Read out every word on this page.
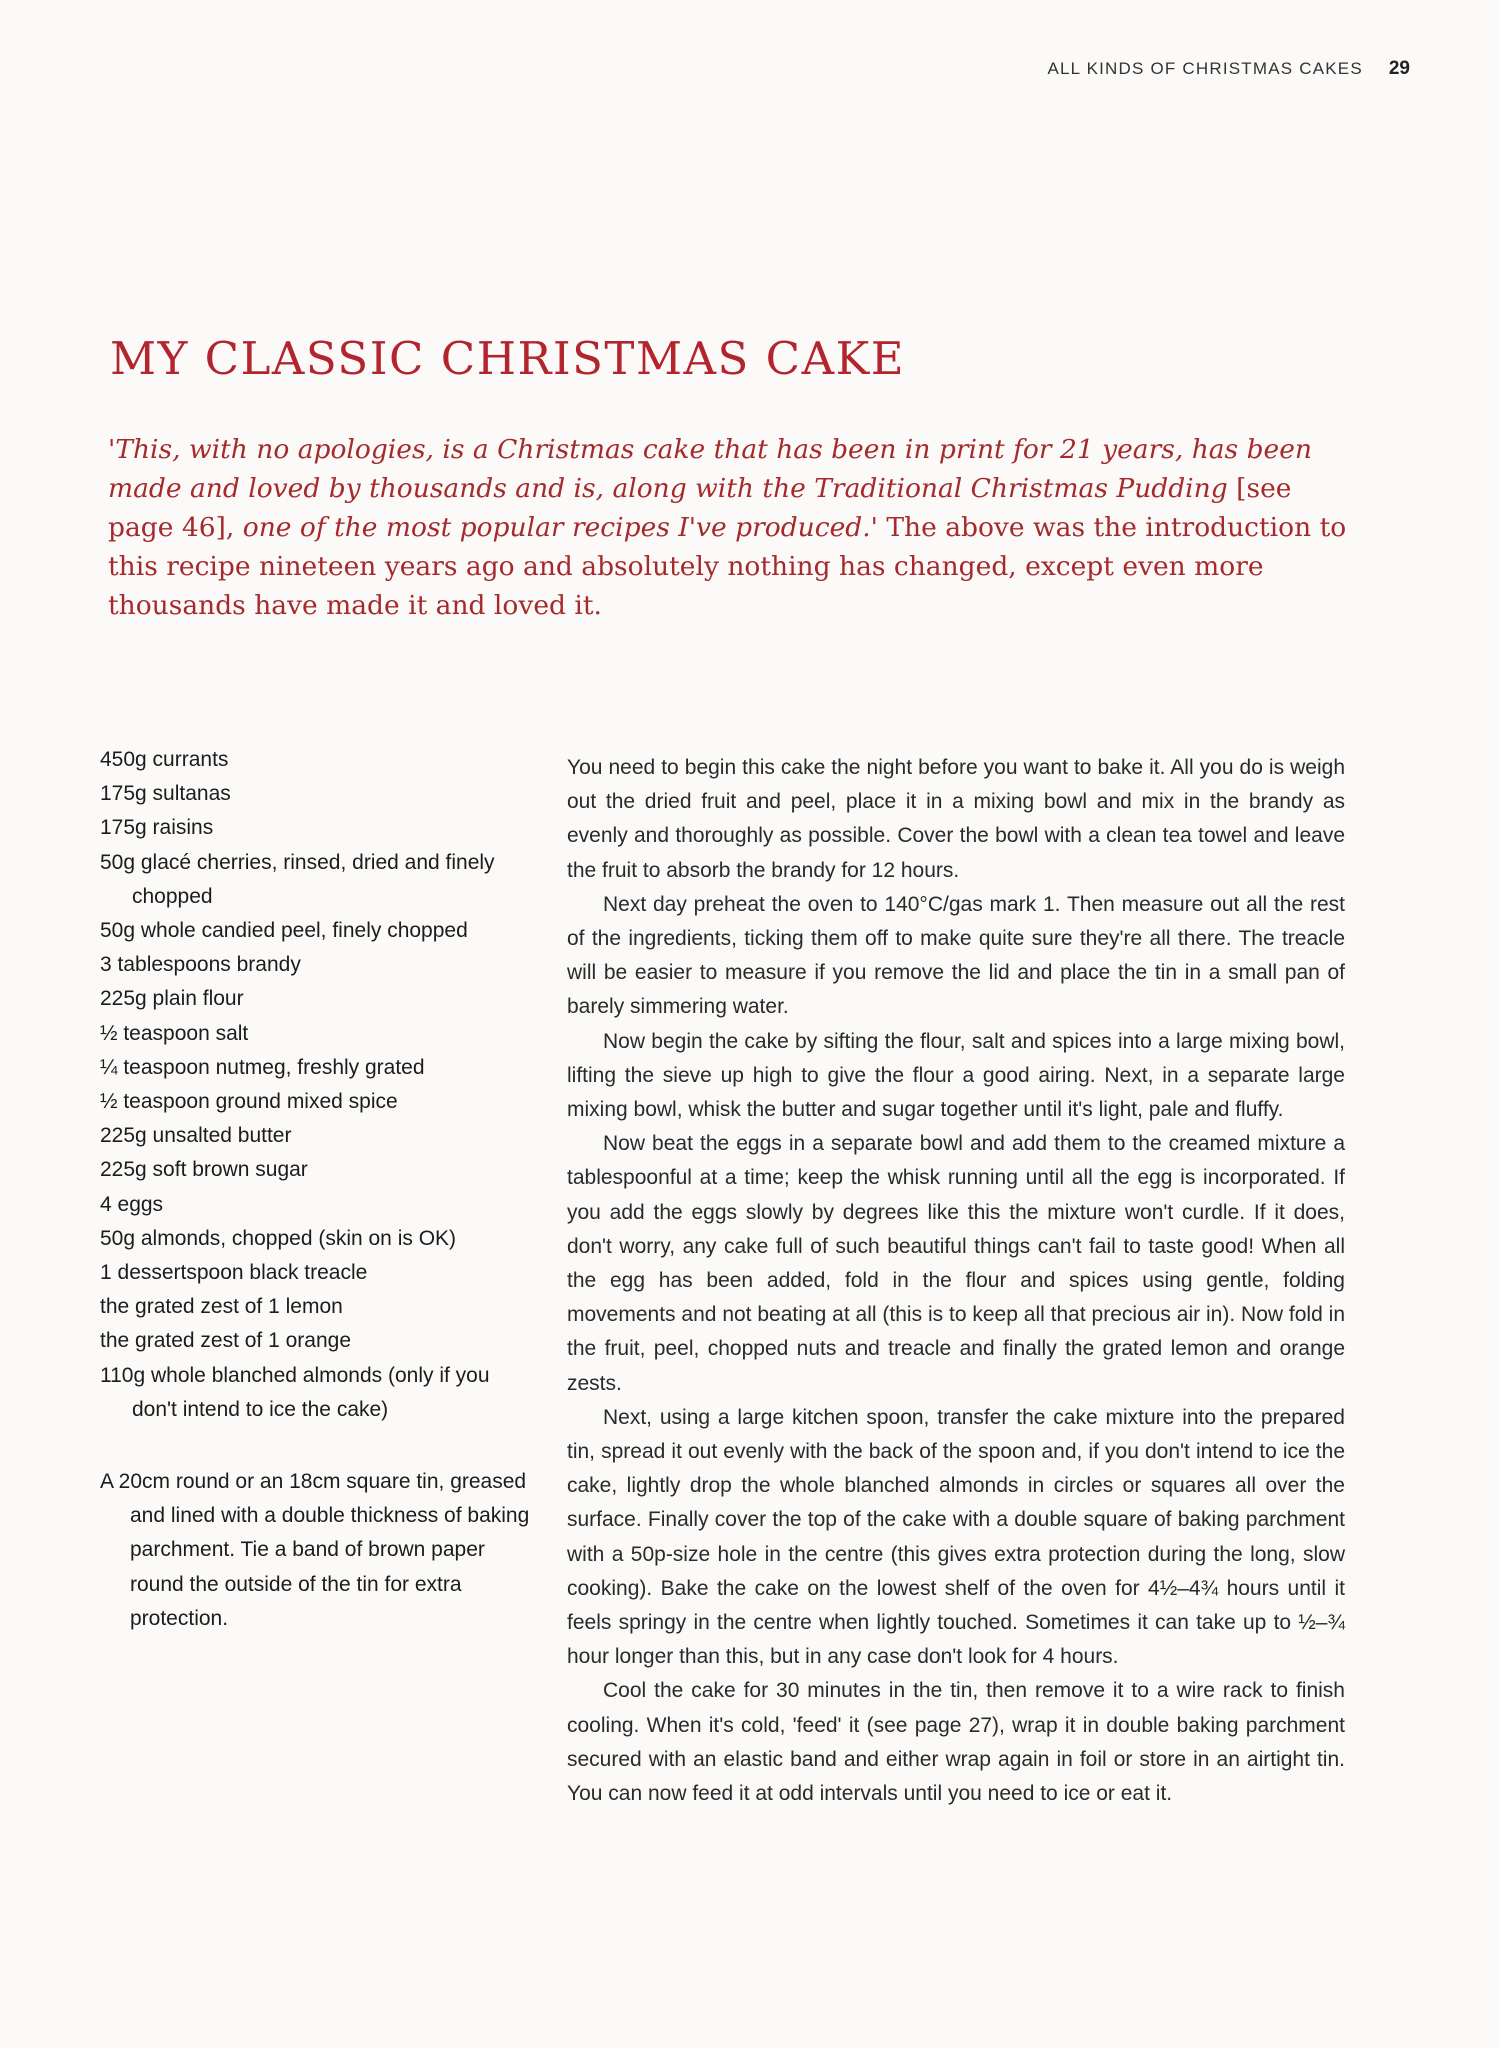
ALL KINDS OF CHRISTMAS CAKES 29
MY CLASSIC CHRISTMAS CAKE

'This, with no apologies, is a Christmas cake that has been in print for 21 years, has been made and loved by thousands and is, along with the Traditional Christmas Pudding [see page 46], one of the most popular recipes I've produced.' The above was the introduction to this recipe nineteen years ago and absolutely nothing has changed, except even more thousands have made it and loved it.

450g currants
175g sultanas
175g raisins
50g glacé cherries, rinsed, dried and finely chopped
50g whole candied peel, finely chopped
3 tablespoons brandy
225g plain flour
½ teaspoon salt
¼ teaspoon nutmeg, freshly grated
½ teaspoon ground mixed spice
225g unsalted butter
225g soft brown sugar
4 eggs
50g almonds, chopped (skin on is OK)
1 dessertspoon black treacle
the grated zest of 1 lemon
the grated zest of 1 orange
110g whole blanched almonds (only if you don't intend to ice the cake)
A 20cm round or an 18cm square tin, greased and lined with a double thickness of baking parchment. Tie a band of brown paper round the outside of the tin for extra protection.

You need to begin this cake the night before you want to bake it. All you do is weigh out the dried fruit and peel, place it in a mixing bowl and mix in the brandy as evenly and thoroughly as possible. Cover the bowl with a clean tea towel and leave the fruit to absorb the brandy for 12 hours.

Next day preheat the oven to 140°C/gas mark 1. Then measure out all the rest of the ingredients, ticking them off to make quite sure they're all there. The treacle will be easier to measure if you remove the lid and place the tin in a small pan of barely simmering water.

Now begin the cake by sifting the flour, salt and spices into a large mixing bowl, lifting the sieve up high to give the flour a good airing. Next, in a separate large mixing bowl, whisk the butter and sugar together until it's light, pale and fluffy.

Now beat the eggs in a separate bowl and add them to the creamed mixture a tablespoonful at a time; keep the whisk running until all the egg is incorporated. If you add the eggs slowly by degrees like this the mixture won't curdle. If it does, don't worry, any cake full of such beautiful things can't fail to taste good! When all the egg has been added, fold in the flour and spices using gentle, folding movements and not beating at all (this is to keep all that precious air in). Now fold in the fruit, peel, chopped nuts and treacle and finally the grated lemon and orange zests.

Next, using a large kitchen spoon, transfer the cake mixture into the prepared tin, spread it out evenly with the back of the spoon and, if you don't intend to ice the cake, lightly drop the whole blanched almonds in circles or squares all over the surface. Finally cover the top of the cake with a double square of baking parchment with a 50p-size hole in the centre (this gives extra protection during the long, slow cooking). Bake the cake on the lowest shelf of the oven for 4½–4¾ hours until it feels springy in the centre when lightly touched. Sometimes it can take up to ½–¾ hour longer than this, but in any case don't look for 4 hours.

Cool the cake for 30 minutes in the tin, then remove it to a wire rack to finish cooling. When it's cold, 'feed' it (see page 27), wrap it in double baking parchment secured with an elastic band and either wrap again in foil or store in an airtight tin. You can now feed it at odd intervals until you need to ice or eat it.
